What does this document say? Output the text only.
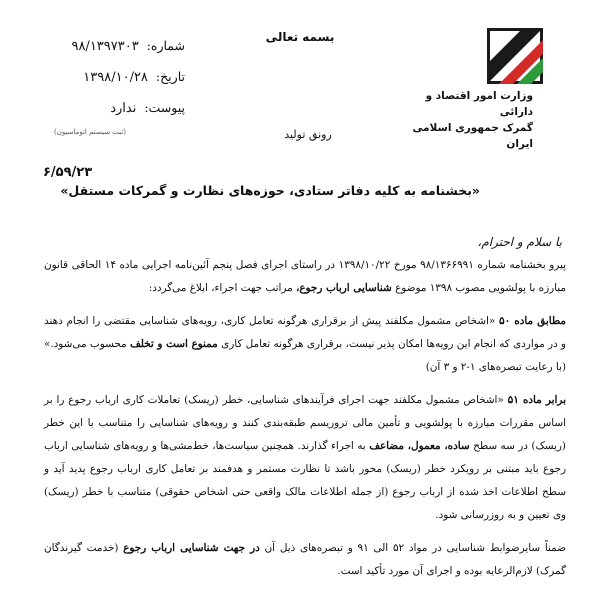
بسمه تعالی
شماره: ۹۸/۱۳۹۷۳۰۳
تاریخ: ۱۳۹۸/۱۰/۲۸
پیوست: ندارد
(ثبت سیستم اتوماسیون)
وزارت امور اقتصاد و دارائی
گمرک جمهوری اسلامی ایران
رونق تولید
۶/۵۹/۲۳
«بخشنامه به کلیه دفاتر ستادی، حوزه‌های نظارت و گمرکات مستقل»
با سلام و احترام،

پیرو بخشنامه شماره ۹۸/۱۳۶۶۹۹۱ مورخ ۱۳۹۸/۱۰/۲۲ در راستای اجرای فصل پنجم آئین‌نامه اجرایی ماده ۱۴ الحاقی قانون مبارزه با پولشویی مصوب ۱۳۹۸ موضوع شناسایی ارباب رجوع، مراتب جهت اجراء، ابلاغ می‌گردد:

مطابق ماده ۵۰ «اشخاص مشمول مکلفند پیش از برقراری هرگونه تعامل کاری، رویه‌های شناسایی مقتضی را انجام دهند و در مواردی که انجام این رویه‌ها امکان پذیر نیست، برقراری هرگونه تعامل کاری ممنوع است و تخلف محسوب می‌شود.» (با رعایت تبصره‌های ۱-۲ و ۳ آن)

برابر ماده ۵۱ «اشخاص مشمول مکلفند جهت اجرای فرآیندهای شناسایی، خطر (ریسک) تعاملات کاری ارباب رجوع را بر اساس مقررات مبارزه با پولشویی و تأمین مالی تروریسم طبقه‌بندی کنند و رویه‌های شناسایی را متناسب با این خطر (ریسک) در سه سطح ساده، معمول، مضاعف به اجراء گذارند. همچنین سیاست‌ها، خط‌مشی‌ها و رویه‌های شناسایی ارباب رجوع باید مبتنی بر رویکرد خطر (ریسک) محور باشد تا نظارت مستمر و هدفمند بر تعامل کاری ارباب رجوع پدید آید و سطح اطلاعات اخذ شده از ارباب رجوع (از جمله اطلاعات مالک واقعی حتی اشخاص حقوقی) متناسب با خطر (ریسک) وی تعیین و به روزرسانی شود.

ضمناً سایرضوابط شناسایی در مواد ۵۲ الی ۹۱ و تبصره‌های ذیل آن در جهت شناسایی ارباب رجوع (خدمت گیرندگان گمرک) لازم‌الرعایه بوده و اجرای آن مورد تأکید است.
